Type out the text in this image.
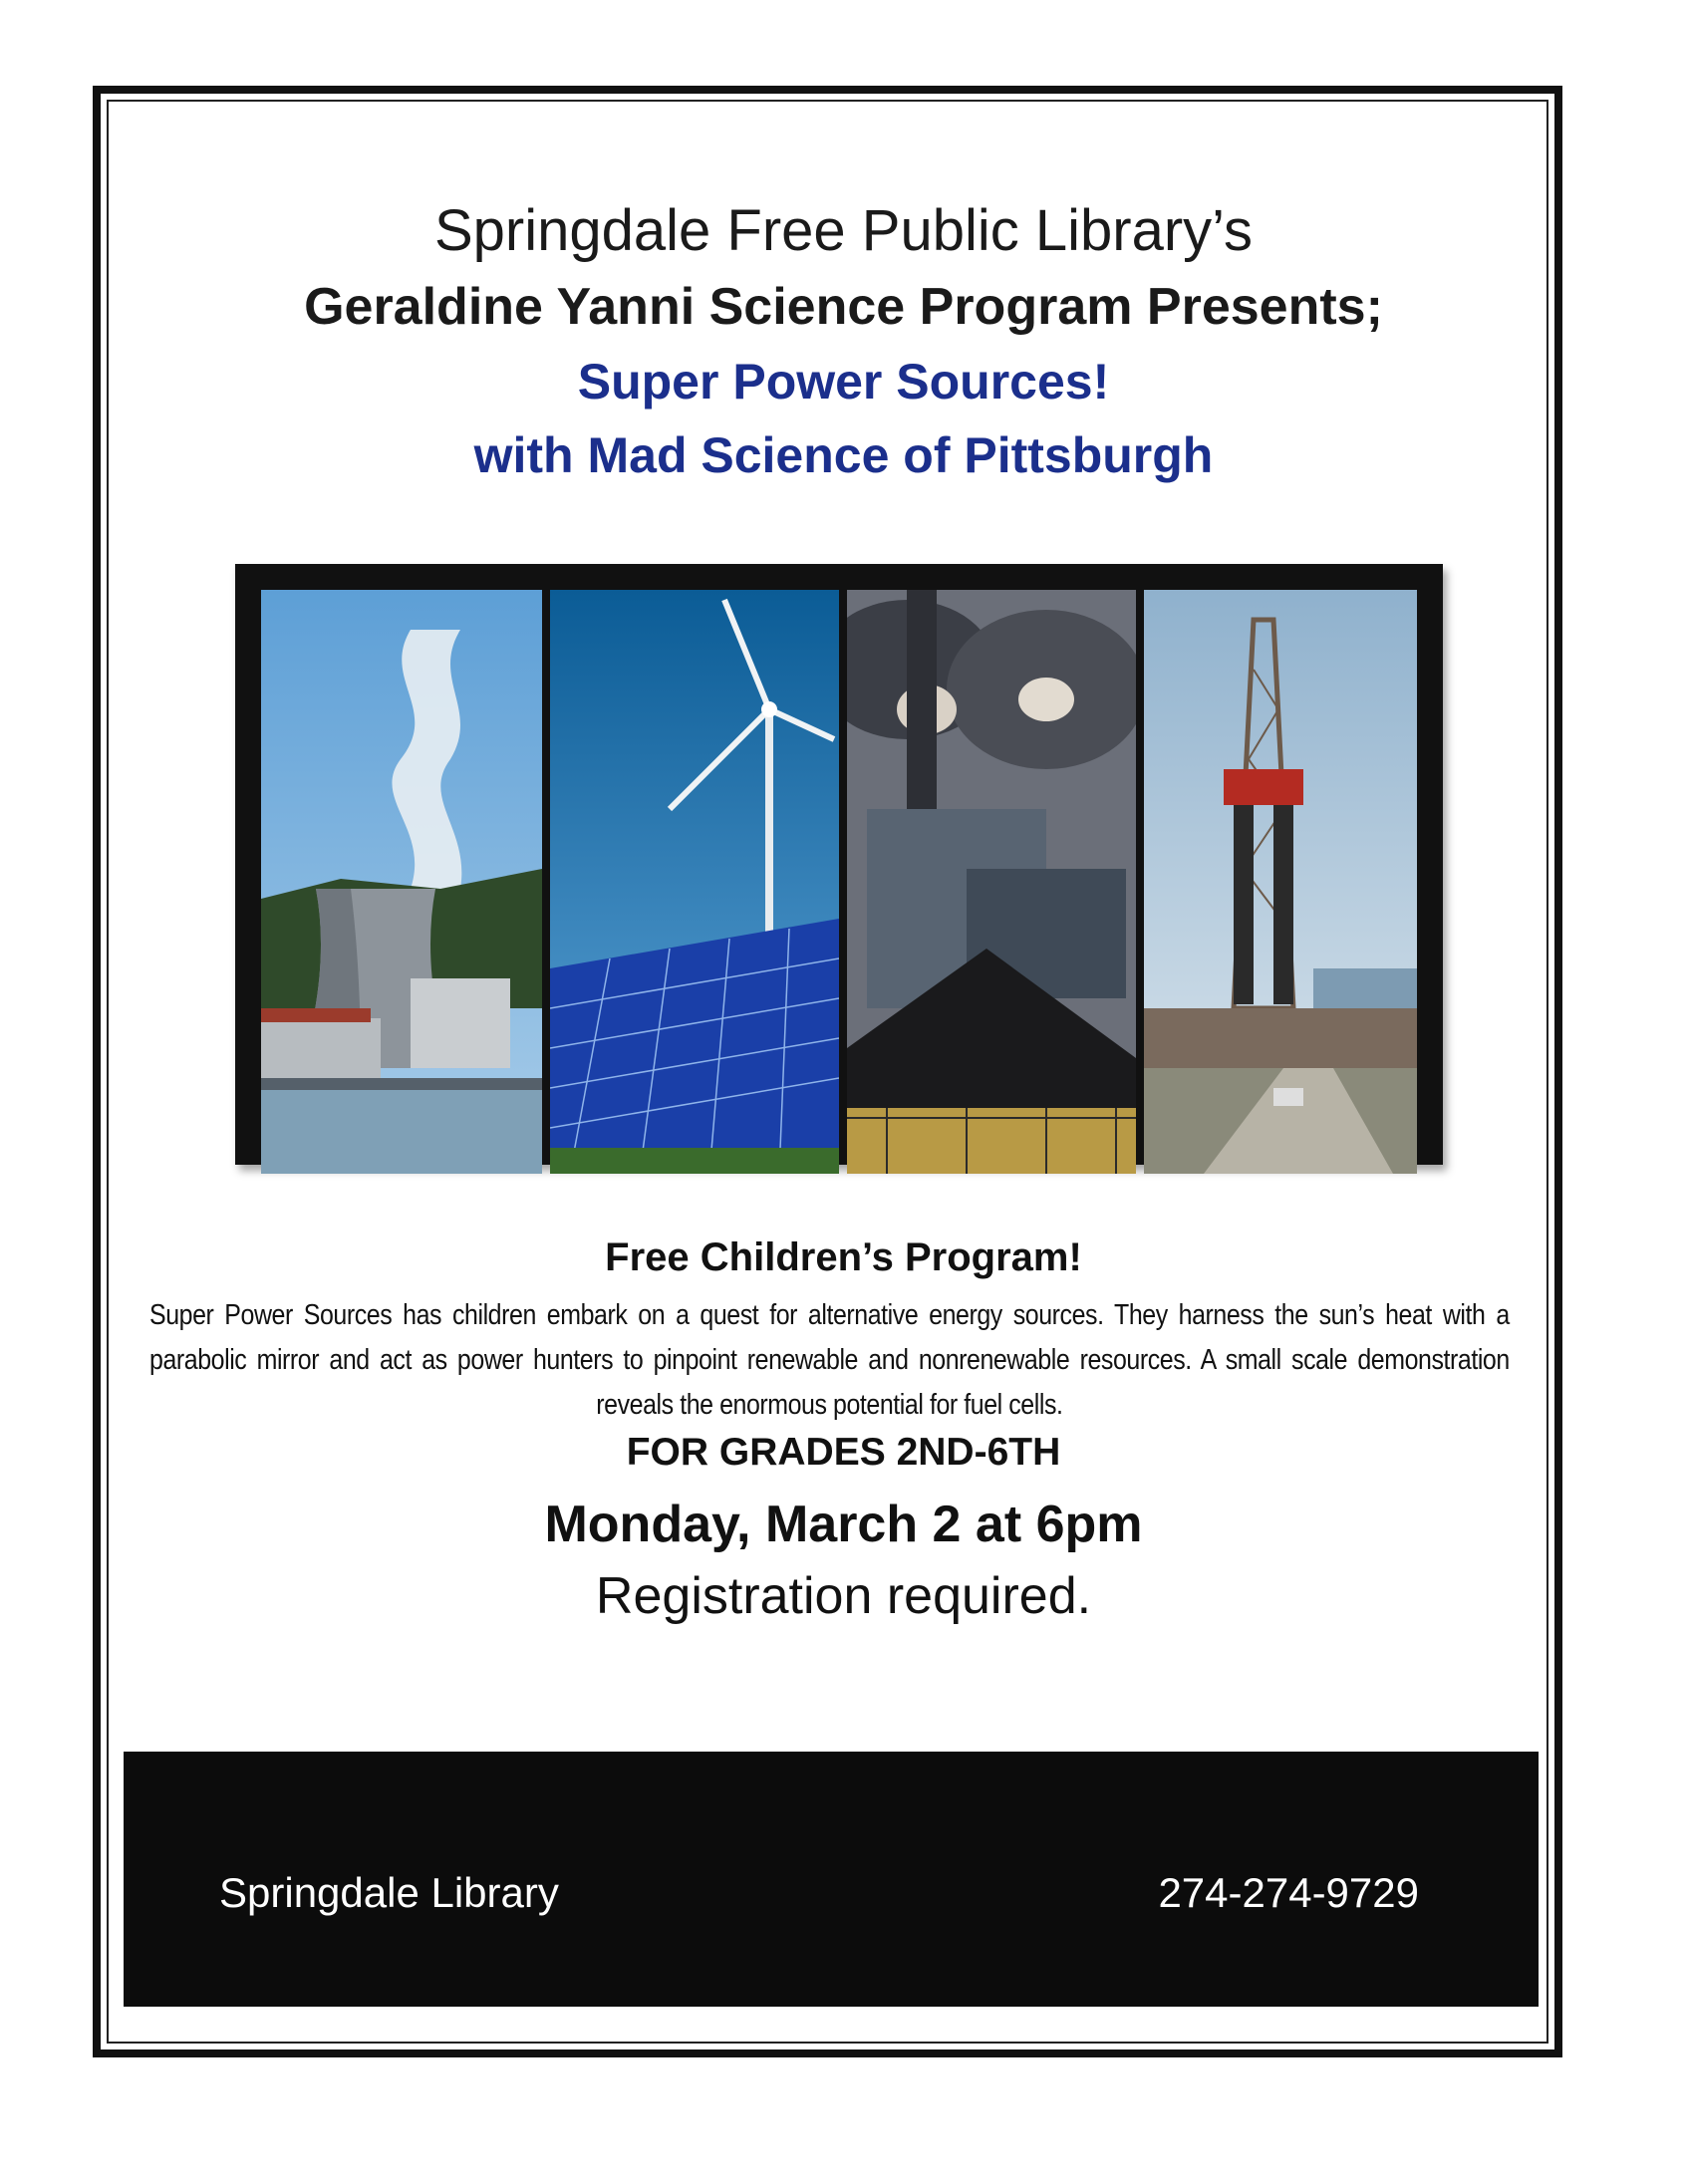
Springdale Free Public Library’s
Geraldine Yanni Science Program Presents;
Super Power Sources!
with Mad Science of Pittsburgh
Free Children’s Program!
Super Power Sources has children embark on a quest for alternative energy sources. They harness the sun’s heat with a parabolic mirror and act as power hunters to pinpoint renewable and nonrenewable resources. A small scale demonstration reveals the enormous potential for fuel cells.
FOR GRADES 2ND-6TH
Monday, March 2 at 6pm
Registration required.
Springdale Library	274-274-9729
